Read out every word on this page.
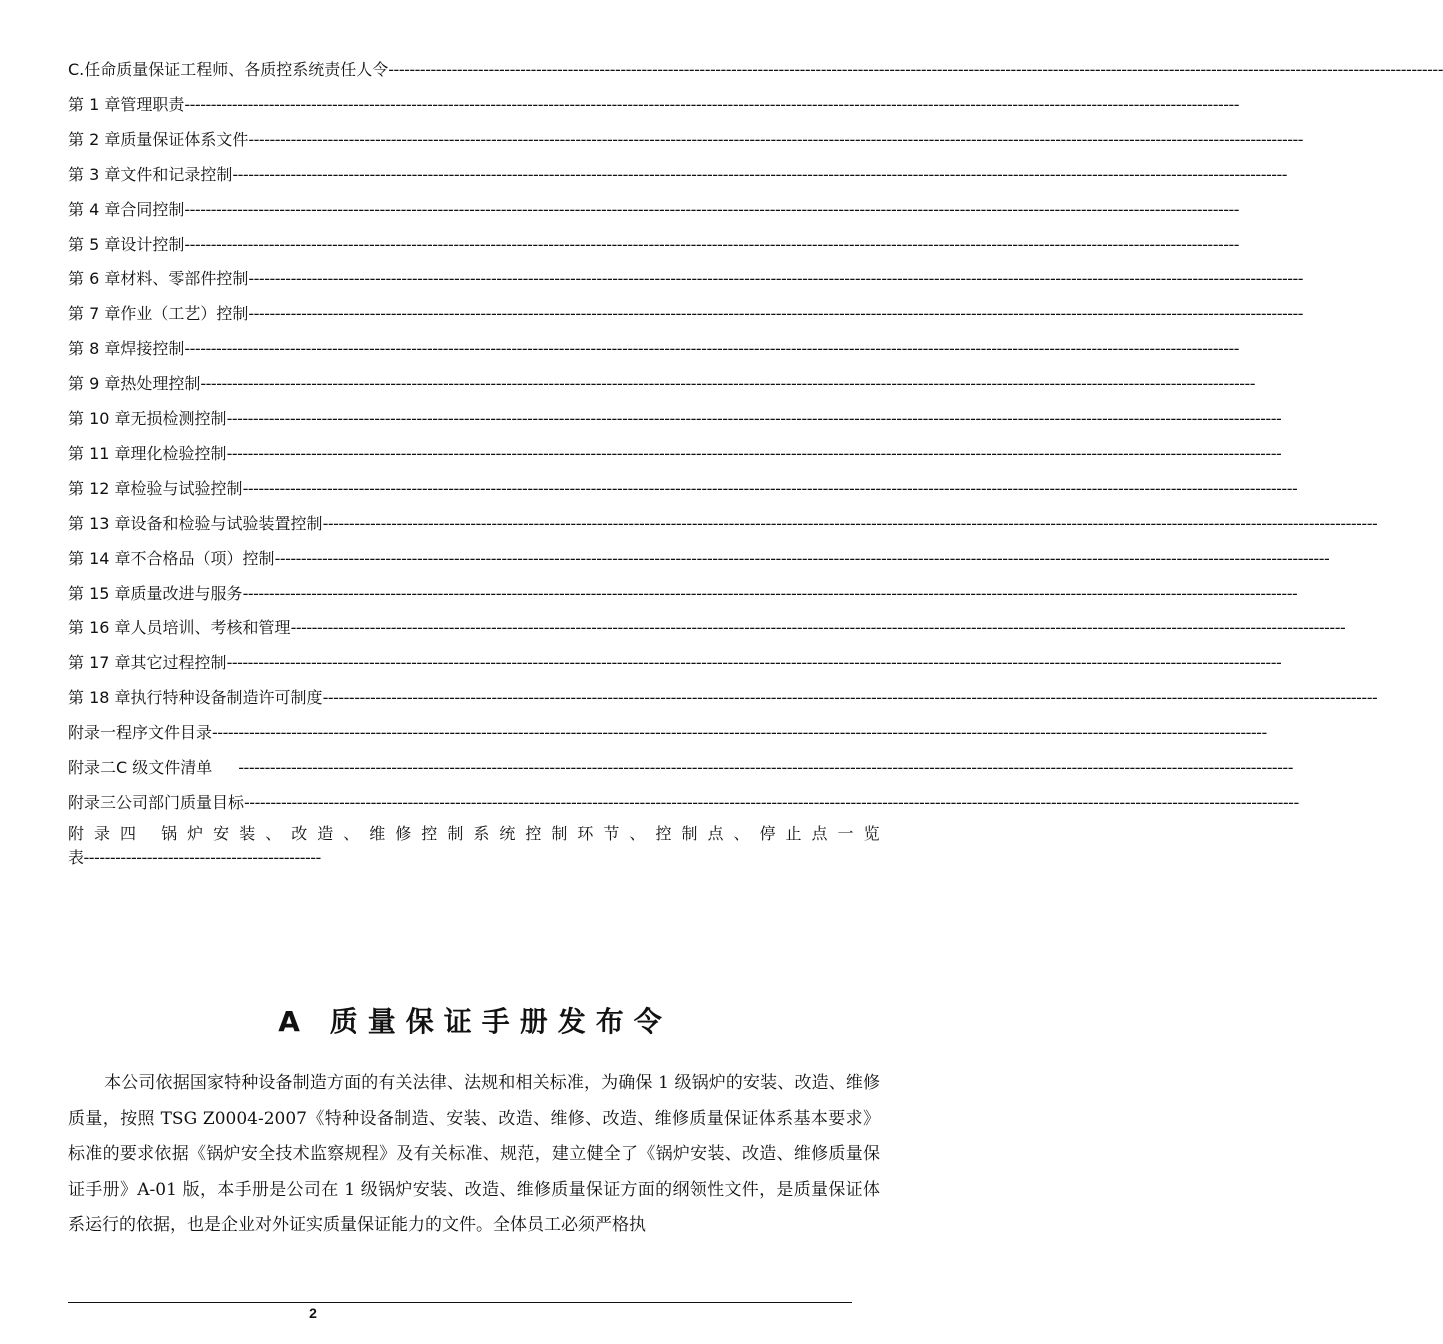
C. 任命质量保证工程师、各质控系统责任人令 --------------------------------------------------------------------------------------------------------------------------------------------------------------------------------------------------------
第 1 章 管理职责 --------------------------------------------------------------------------------------------------------------------------------------------------------------------------------------------------------
第 2 章 质量保证体系文件 --------------------------------------------------------------------------------------------------------------------------------------------------------------------------------------------------------
第 3 章 文件和记录控制 --------------------------------------------------------------------------------------------------------------------------------------------------------------------------------------------------------
第 4 章 合同控制 --------------------------------------------------------------------------------------------------------------------------------------------------------------------------------------------------------
第 5 章 设计控制 --------------------------------------------------------------------------------------------------------------------------------------------------------------------------------------------------------
第 6 章 材料、零部件控制 --------------------------------------------------------------------------------------------------------------------------------------------------------------------------------------------------------
第 7 章 作业（工艺）控制 --------------------------------------------------------------------------------------------------------------------------------------------------------------------------------------------------------
第 8 章 焊接控制 --------------------------------------------------------------------------------------------------------------------------------------------------------------------------------------------------------
第 9 章 热处理控制 --------------------------------------------------------------------------------------------------------------------------------------------------------------------------------------------------------
第 10 章 无损检测控制 --------------------------------------------------------------------------------------------------------------------------------------------------------------------------------------------------------
第 11 章 理化检验控制 --------------------------------------------------------------------------------------------------------------------------------------------------------------------------------------------------------
第 12 章 检验与试验控制 --------------------------------------------------------------------------------------------------------------------------------------------------------------------------------------------------------
第 13 章 设备和检验与试验装置控制 --------------------------------------------------------------------------------------------------------------------------------------------------------------------------------------------------------
第 14 章 不合格品（项）控制 --------------------------------------------------------------------------------------------------------------------------------------------------------------------------------------------------------
第 15 章 质量改进与服务 --------------------------------------------------------------------------------------------------------------------------------------------------------------------------------------------------------
第 16 章 人员培训、考核和管理 --------------------------------------------------------------------------------------------------------------------------------------------------------------------------------------------------------
第 17 章 其它过程控制 --------------------------------------------------------------------------------------------------------------------------------------------------------------------------------------------------------
第 18 章 执行特种设备制造许可制度 --------------------------------------------------------------------------------------------------------------------------------------------------------------------------------------------------------
附录一 程序文件目录 --------------------------------------------------------------------------------------------------------------------------------------------------------------------------------------------------------
附录二 C 级文件清单	--------------------------------------------------------------------------------------------------------------------------------------------------------------------------------------------------------
附录三 公司部门质量目标 --------------------------------------------------------------------------------------------------------------------------------------------------------------------------------------------------------
附 录 四
锅 炉 安 装 、 改 造 、 维 修 控 制 系 统 控 制 环 节 、 控 制 点 、 停 止 点 一 览
表---------------------------------------------
A 质量保证手册发布令
本公司依据国家特种设备制造方面的有关法律、法规和相关标准，为确保 1 级锅炉的安装、改造、维修质量，按照 TSG Z0004-2007《特种设备制造、安装、改造、维修、改造、维修质量保证体系基本要求》标准的要求依据《锅炉安全技术监察规程》及有关标准、规范，建立健全了《锅炉安装、改造、维修质量保证手册》A-01 版，本手册是公司在 1 级锅炉安装、改造、维修质量保证方面的纲领性文件，是质量保证体系运行的依据，也是企业对外证实质量保证能力的文件。全体员工必须严格执
2
